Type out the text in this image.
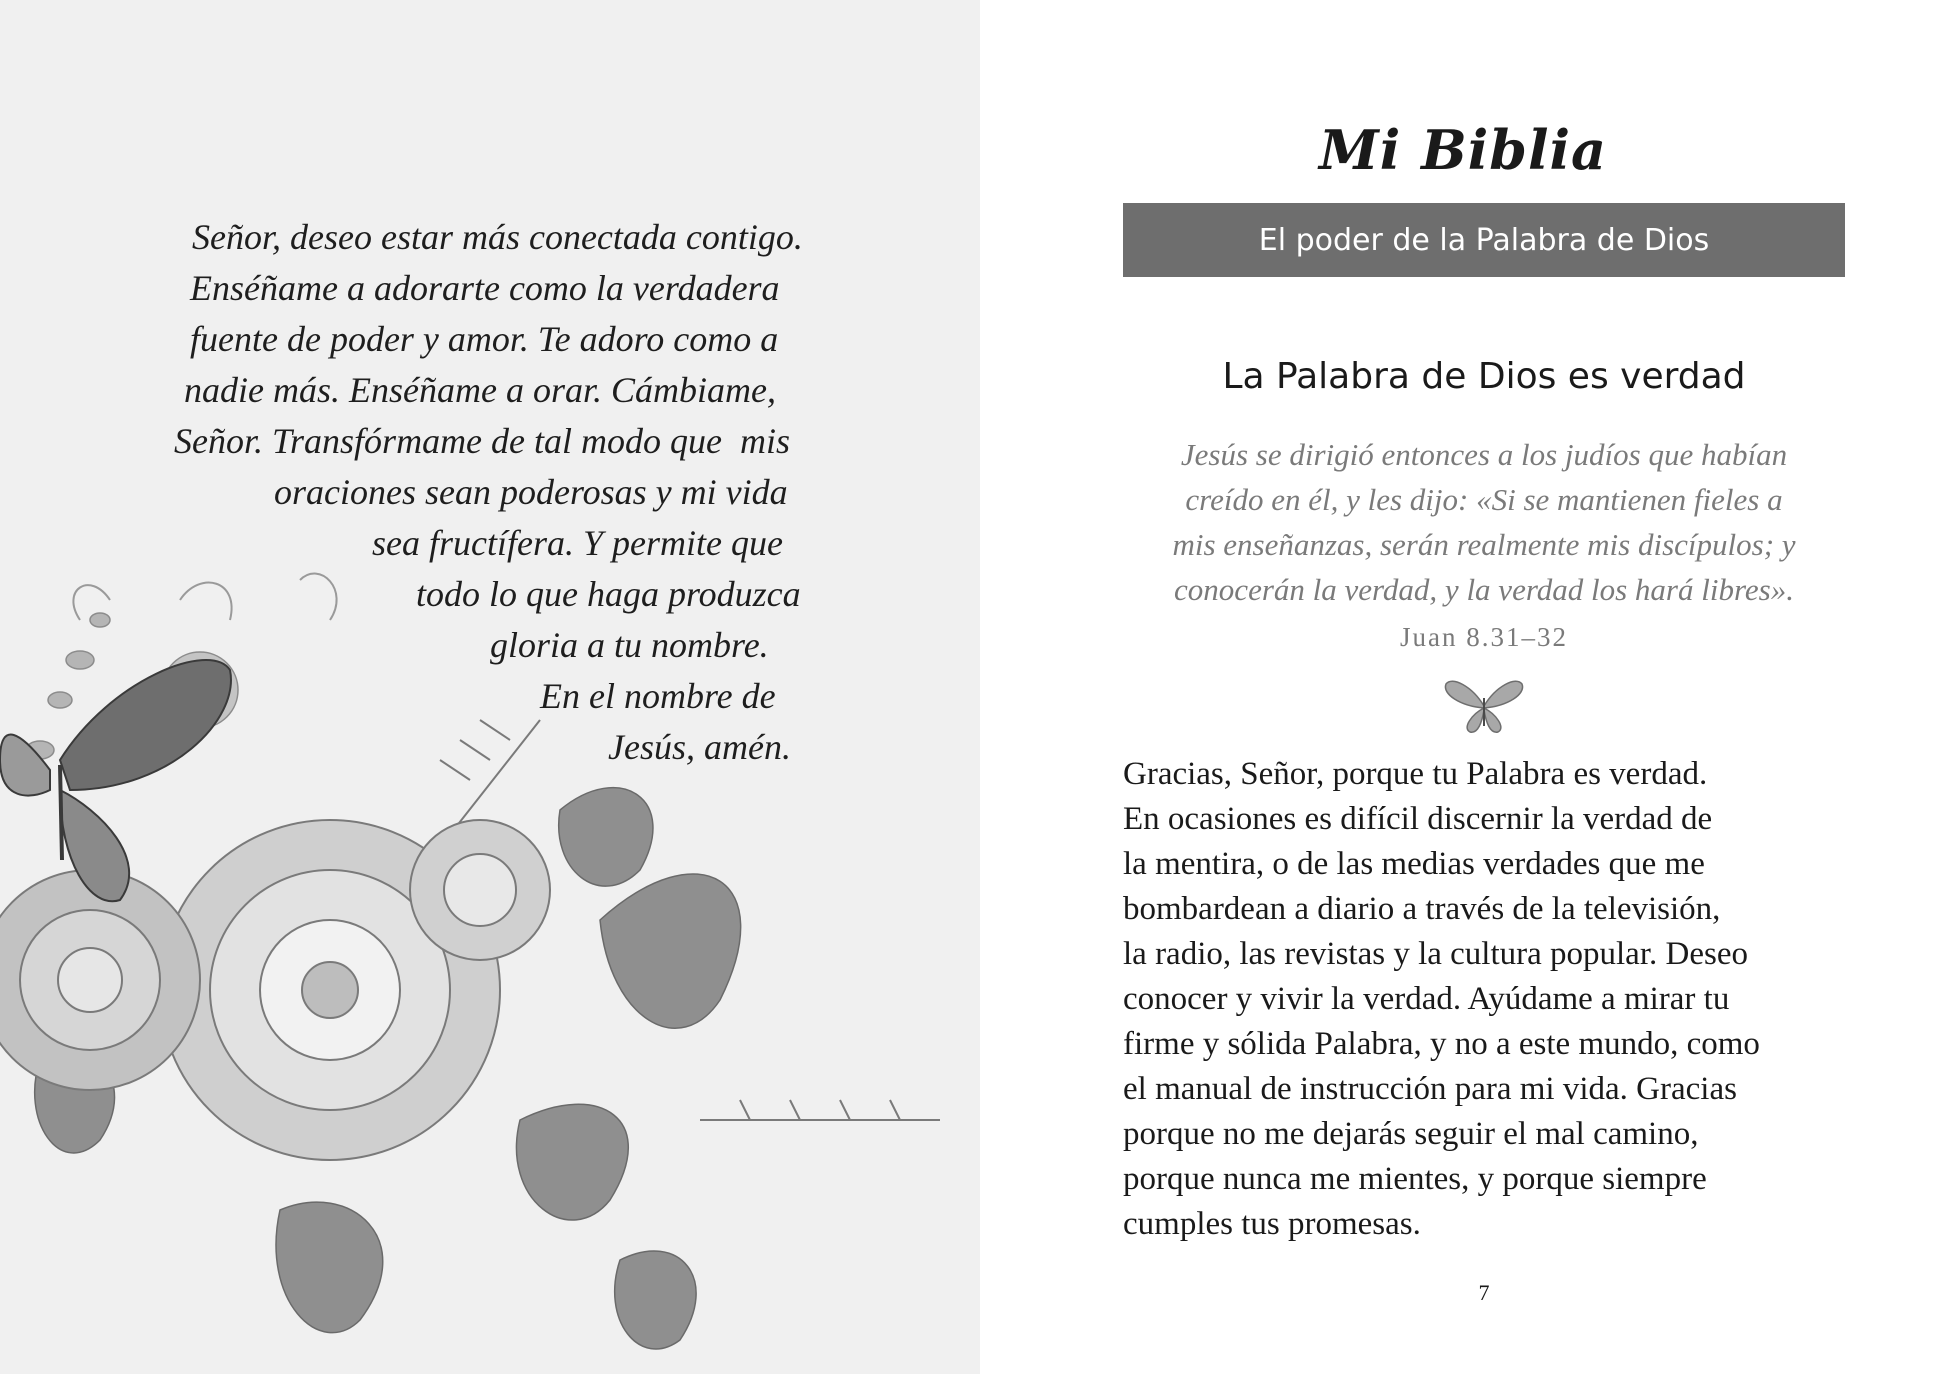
Señor, deseo estar más conectada contigo.
Enséñame a adorarte como la verdadera
fuente de poder y amor. Te adoro como a
nadie más. Enséñame a orar. Cámbiame,
Señor. Transfórmame de tal modo que  mis
oraciones sean poderosas y mi vida
sea fructífera. Y permite que
todo lo que haga produzca
gloria a tu nombre.
En el nombre de
Jesús, amén.
Mi Biblia
El poder de la Palabra de Dios
La Palabra de Dios es verdad

Jesús se dirigió entonces a los judíos que habían
creído en él, y les dijo: «Si se mantienen fieles a
mis enseñanzas, serán realmente mis discípulos; y
conocerán la verdad, y la verdad los hará libres».

Juan 8.31–32

Gracias, Señor, porque tu Palabra es verdad.
En ocasiones es difícil discernir la verdad de
la mentira, o de las medias verdades que me
bombardean a diario a través de la televisión,
la radio, las revistas y la cultura popular. Deseo
conocer y vivir la verdad. Ayúdame a mirar tu
firme y sólida Palabra, y no a este mundo, como
el manual de instrucción para mi vida. Gracias
porque no me dejarás seguir el mal camino,
porque nunca me mientes, y porque siempre
cumples tus promesas.

7
